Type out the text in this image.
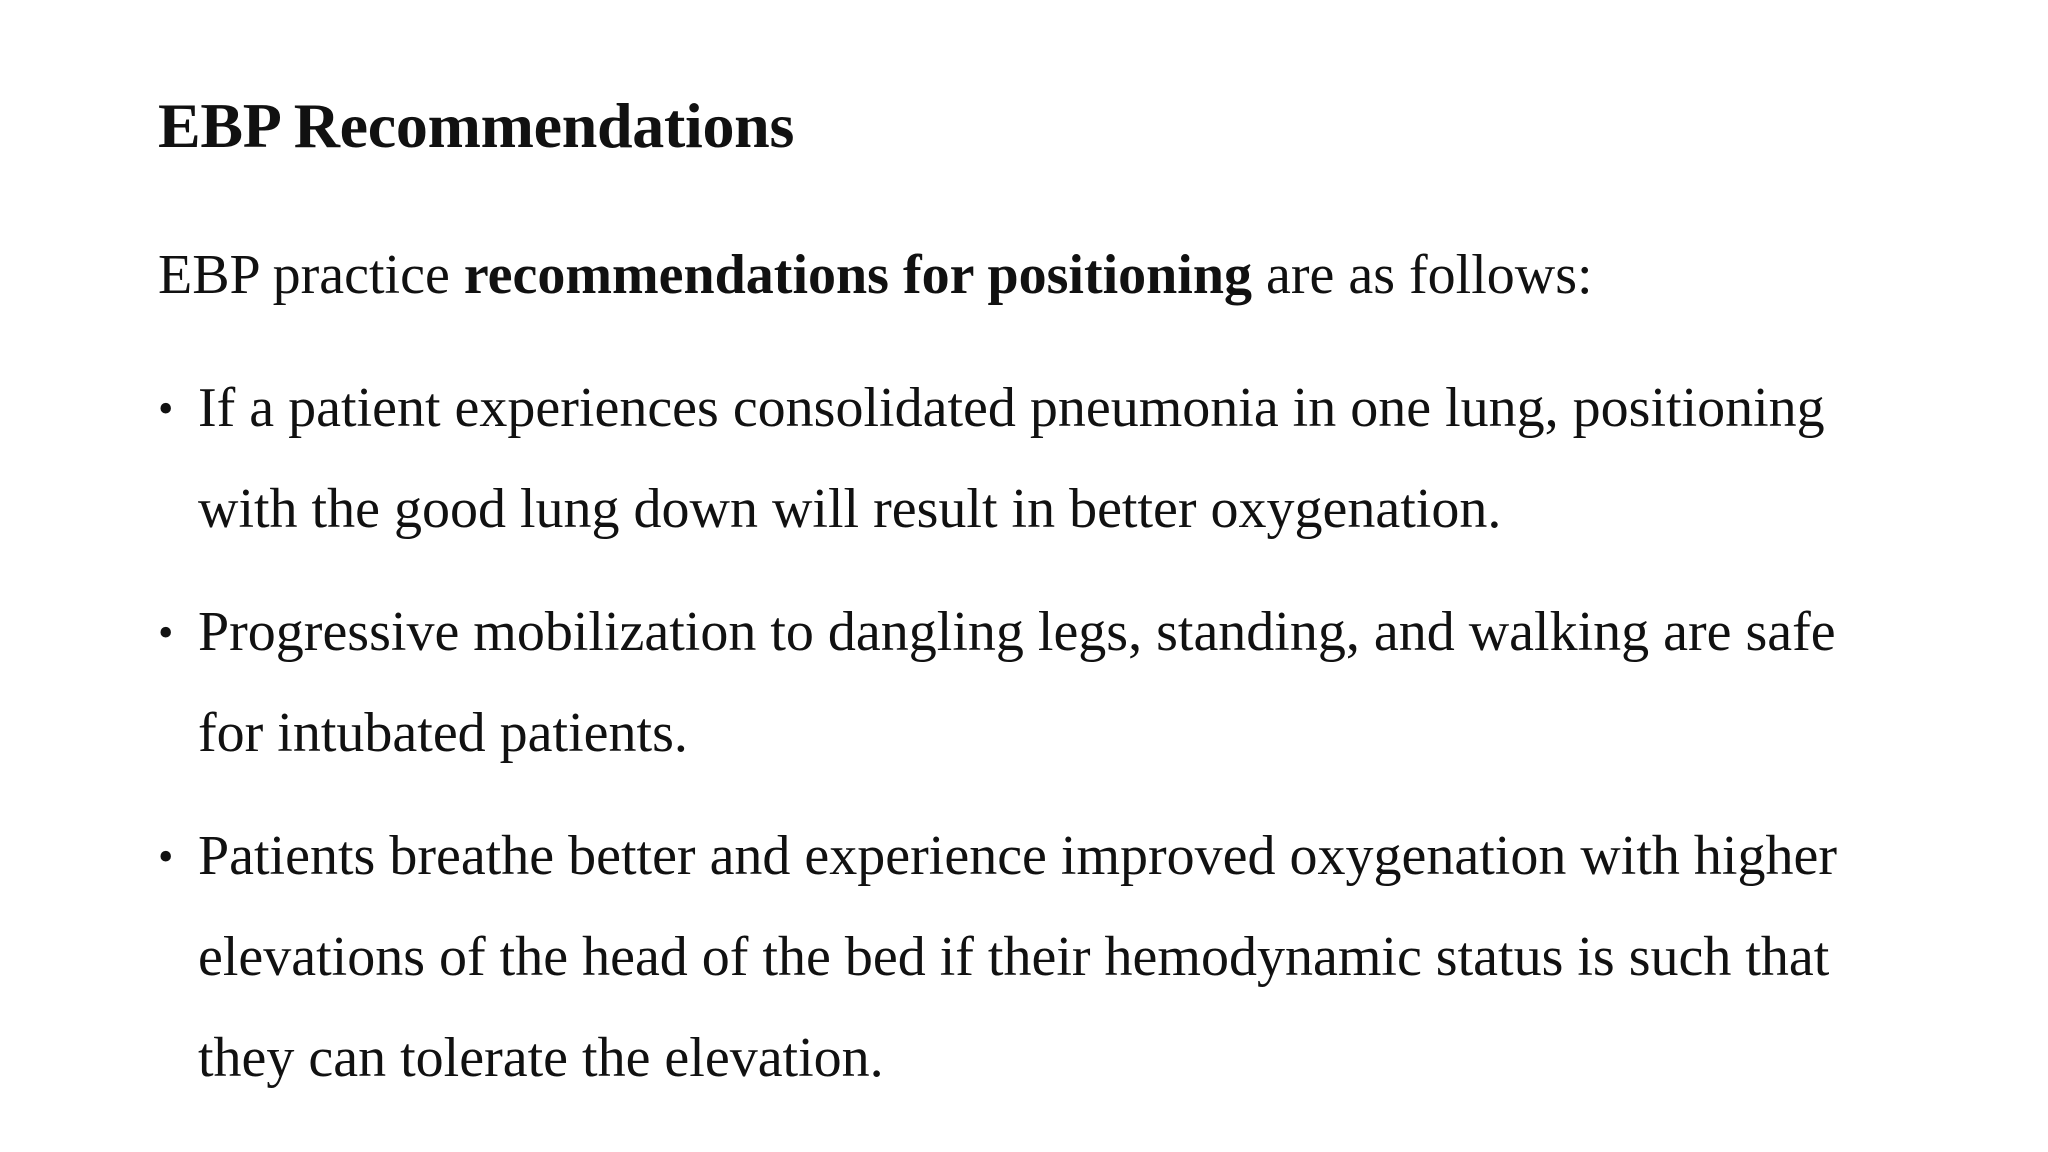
EBP Recommendations

EBP practice recommendations for positioning are as follows:

• If a patient experiences consolidated pneumonia in one lung, positioning
with the good lung down will result in better oxygenation.
• Progressive mobilization to dangling legs, standing, and walking are safe
for intubated patients.
• Patients breathe better and experience improved oxygenation with higher
elevations of the head of the bed if their hemodynamic status is such that
they can tolerate the elevation.
